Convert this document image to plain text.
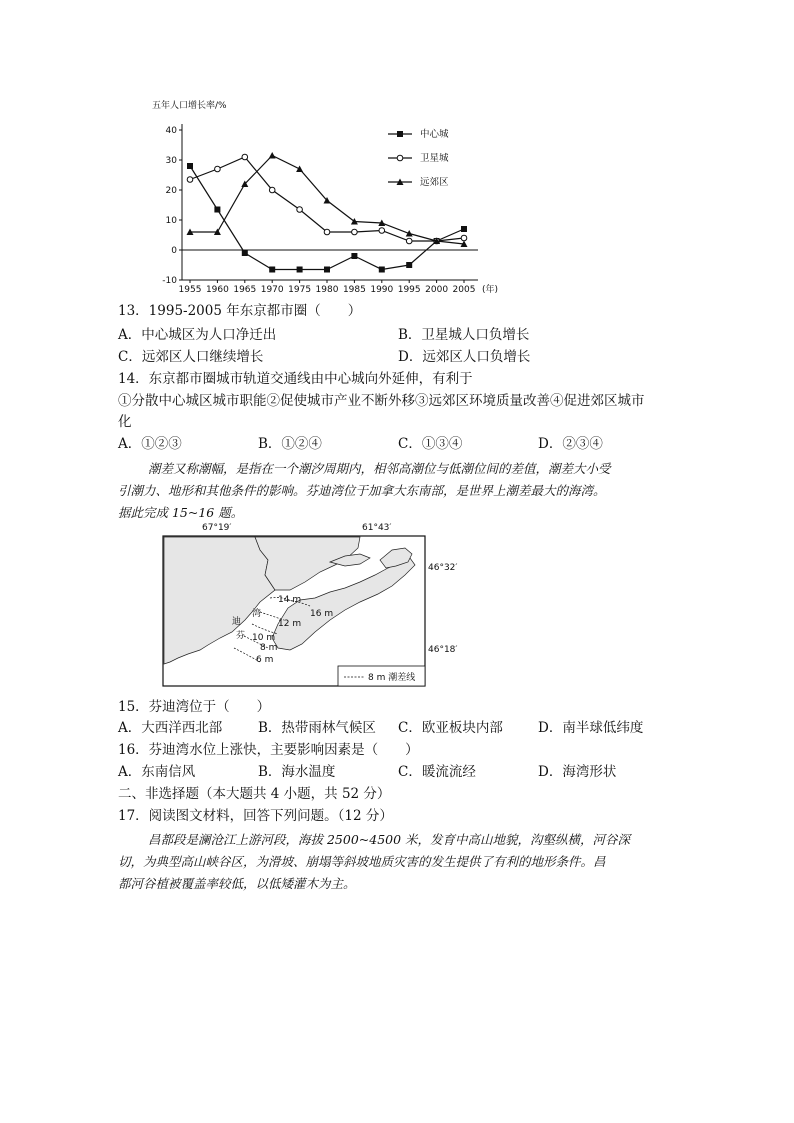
五年人口增长率/%
40
30
20
10
0
-10
1955 1960 1965 1970 1975 1980 1985 1990 1995 2000 2005 (年)
中心城
卫星城
远郊区
13．1995-2005 年东京都市圈（　　）
A．中心城区为人口净迁出	B．卫星城人口负增长
C．远郊区人口继续增长	D．远郊区人口负增长
14．东京都市圈城市轨道交通线由中心城向外延伸，有利于
①分散中心城区城市职能②促使城市产业不断外移③远郊区环境质量改善④促进郊区城市
化
A．①②③	B．①②④	C．①③④	D．②③④

潮差又称潮幅，是指在一个潮汐周期内，相邻高潮位与低潮位间的差值，潮差大小受

引潮力、地形和其他条件的影响。芬迪湾位于加拿大东南部，是世界上潮差最大的海湾。

据此完成 15~16 题。

67°19′	61°43′
14 m
16 m
12 m
10 m
8 m
6 m
迪
芬
湾
46°32′
46°18′
8 m 潮差线
15．芬迪湾位于（　　）
A．大西洋西北部	B．热带雨林气候区 C．欧亚板块内部	D．南半球低纬度
16．芬迪湾水位上涨快，主要影响因素是（　　）
A．东南信风	B．海水温度	C．暖流流经	D．海湾形状
二、非选择题（本大题共 4 小题，共 52 分）
17．阅读图文材料，回答下列问题。（12 分）

昌都段是澜沧江上游河段，海拔 2500~4500 米，发育中高山地貌，沟壑纵横，河谷深

切，为典型高山峡谷区，为滑坡、崩塌等斜坡地质灾害的发生提供了有利的地形条件。昌

都河谷植被覆盖率较低，以低矮灌木为主。
